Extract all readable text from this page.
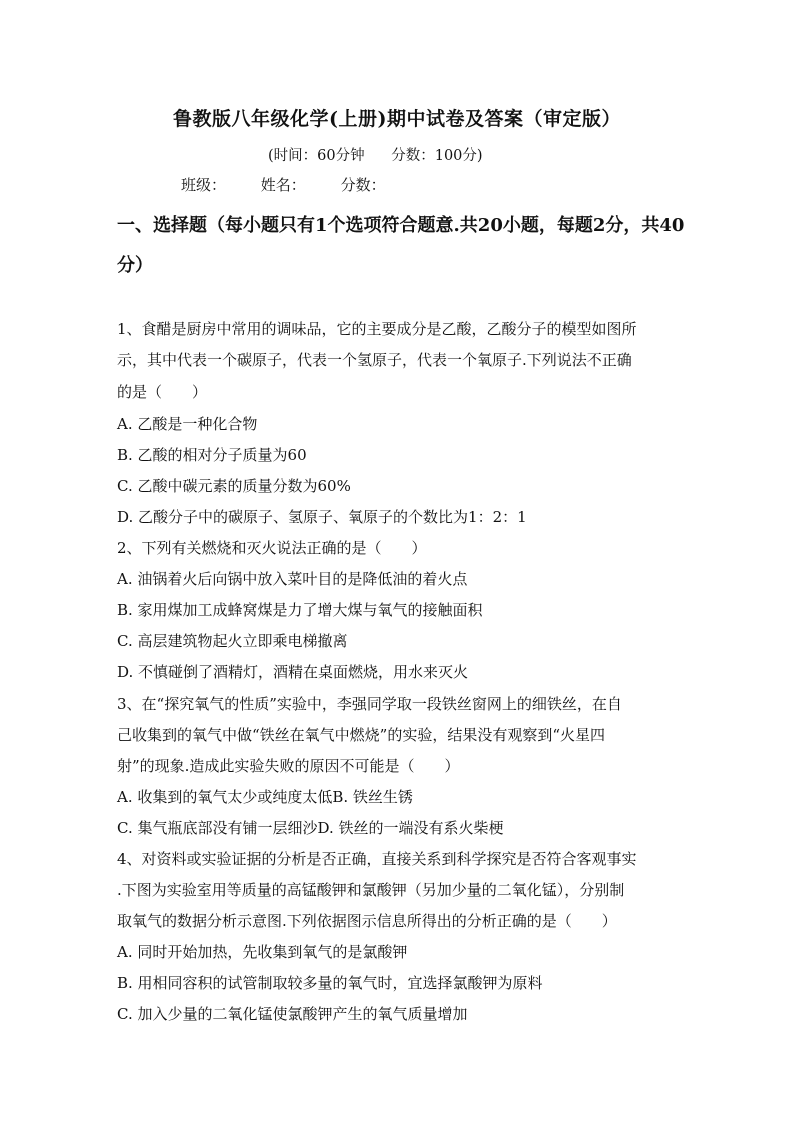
鲁教版八年级化学(上册)期中试卷及答案（审定版）
(时间：60分钟 分数：100分)
班级： 姓名： 分数：
一、选择题（每小题只有1个选项符合题意.共20小题，每题2分，共40分）
1、食醋是厨房中常用的调味品，它的主要成分是乙酸，乙酸分子的模型如图所
示，其中代表一个碳原子，代表一个氢原子，代表一个氧原子.下列说法不正确
的是（　　）
A. 乙酸是一种化合物
B. 乙酸的相对分子质量为60
C. 乙酸中碳元素的质量分数为60%
D. 乙酸分子中的碳原子、氢原子、氧原子的个数比为1：2：1
2、下列有关燃烧和灭火说法正确的是（　　）
A. 油锅着火后向锅中放入菜叶目的是降低油的着火点
B. 家用煤加工成蜂窝煤是力了增大煤与氧气的接触面积
C. 高层建筑物起火立即乘电梯撤离
D. 不慎碰倒了酒精灯，酒精在桌面燃烧，用水来灭火
3、在“探究氧气的性质”实验中，李强同学取一段铁丝窗网上的细铁丝，在自
己收集到的氧气中做“铁丝在氧气中燃烧”的实验，结果没有观察到“火星四
射”的现象.造成此实验失败的原因不可能是（　　）
A. 收集到的氧气太少或纯度太低B. 铁丝生锈
C. 集气瓶底部没有铺一层细沙D. 铁丝的一端没有系火柴梗
4、对资料或实验证据的分析是否正确，直接关系到科学探究是否符合客观事实
.下图为实验室用等质量的高锰酸钾和氯酸钾（另加少量的二氧化锰），分别制
取氧气的数据分析示意图.下列依据图示信息所得出的分析正确的是（　　）
A. 同时开始加热，先收集到氧气的是氯酸钾
B. 用相同容积的试管制取较多量的氧气时，宜选择氯酸钾为原料
C. 加入少量的二氧化锰使氯酸钾产生的氧气质量增加
